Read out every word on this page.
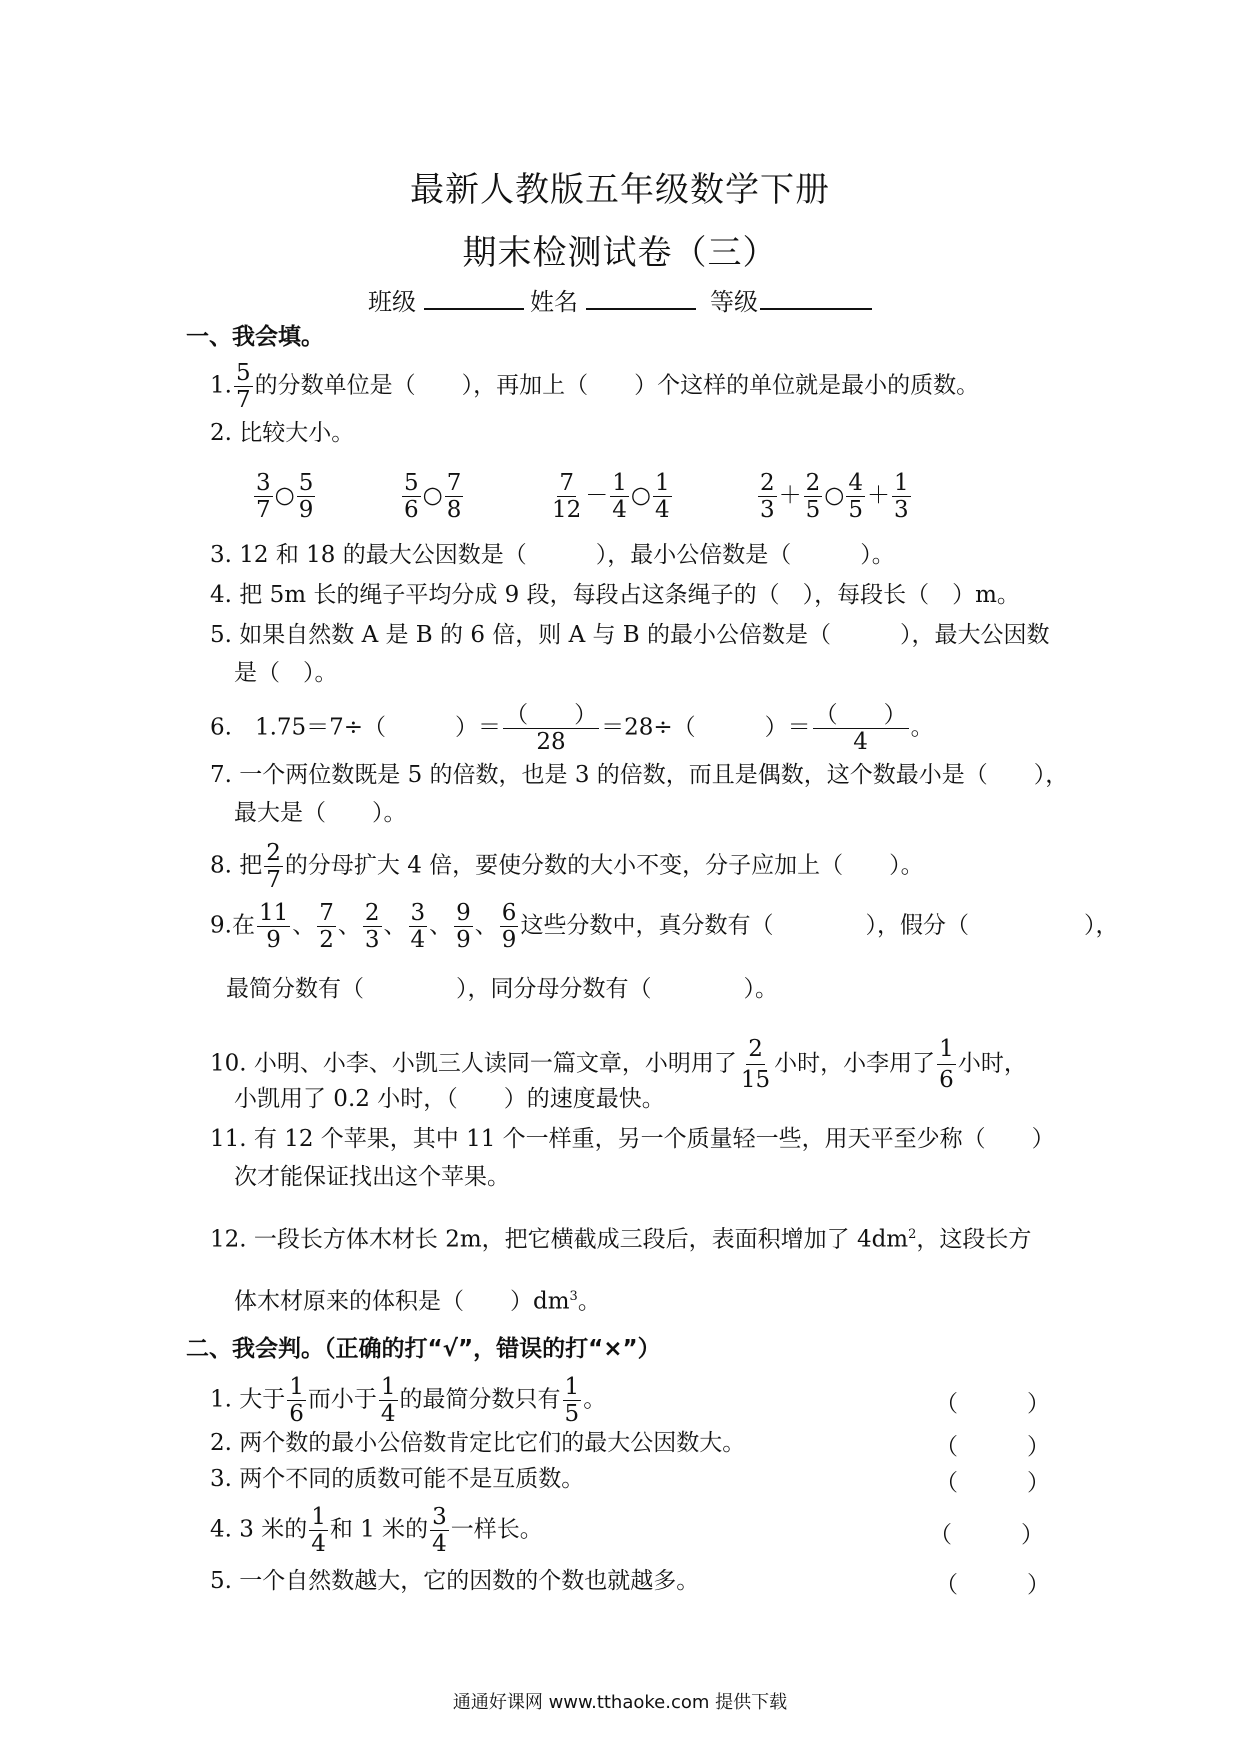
最新人教版五年级数学下册
期末检测试卷（三）
班级	姓名	等级
一、我会填。
1. $\frac{5}{7}$ 的分数单位是（　　），再加上（　　）个这样的单位就是最小的质数。
2. 比较大小。
$\frac{3}{7}$ ○ $\frac{5}{9}$	$\frac{5}{6}$ ○ $\frac{7}{8}$	$\frac{7}{12} - \frac{1}{4}$ ○ $\frac{1}{4}$	$\frac{2}{3} + \frac{2}{5}$ ○ $\frac{4}{5} + \frac{1}{3}$
3. 12 和 18 的最大公因数是（　　　），最小公倍数是（　　　）。
4. 把 5m 长的绳子平均分成 9 段，每段占这条绳子的（　），每段长（　）m。
5. 如果自然数 A 是 B 的 6 倍，则 A 与 B 的最小公倍数是（　　　），最大公因数
是（　）。
6.　1.75＝7÷（　　　）＝ $\frac{( )}{28} =28\div$（　　　）＝ $\frac{( )}{4}$ 。
7. 一个两位数既是 5 的倍数，也是 3 的倍数，而且是偶数，这个数最小是（　　），
最大是（　　）。
8. 把 $\frac{2}{7}$ 的分母扩大 4 倍，要使分数的大小不变，分子应加上（　　）。
9.在 $\frac{11}{9}$ 、 $\frac{7}{2}$ 、 $\frac{2}{3}$ 、 $\frac{3}{4}$ 、 $\frac{9}{9}$ 、 $\frac{6}{9}$ 这些分数中，真分数有（　　　　），假分（　　　　　），
最简分数有（　　　　），同分母分数有（　　　　）。
10. 小明、小李、小凯三人读同一篇文章，小明用了 $\frac{2}{15}$ 小时，小李用了 $\frac{1}{6}$ 小时，
小凯用了 0.2 小时，（　　）的速度最快。
11. 有 12 个苹果，其中 11 个一样重，另一个质量轻一些，用天平至少称（　　）
次才能保证找出这个苹果。
12. 一段长方体木材长 2m，把它横截成三段后，表面积增加了 $4dm^2$，这段长方
体木材原来的体积是（　　）$dm^3$。
二、我会判。（正确的打“√”，错误的打“×”）
1. 大于 $\frac{1}{6}$ 而小于 $\frac{1}{4}$ 的最简分数只有 $\frac{1}{5}$ 。	（　　　）
2. 两个数的最小公倍数肯定比它们的最大公因数大。	（　　　）
3. 两个不同的质数可能不是互质数。	（　　　）
4. 3 米的 $\frac{1}{4}$ 和 1 米的 $\frac{3}{4}$ 一样长。	（　　　）
5. 一个自然数越大，它的因数的个数也就越多。	（　　　）
通通好课网 www.tthaoke.com 提供下载
